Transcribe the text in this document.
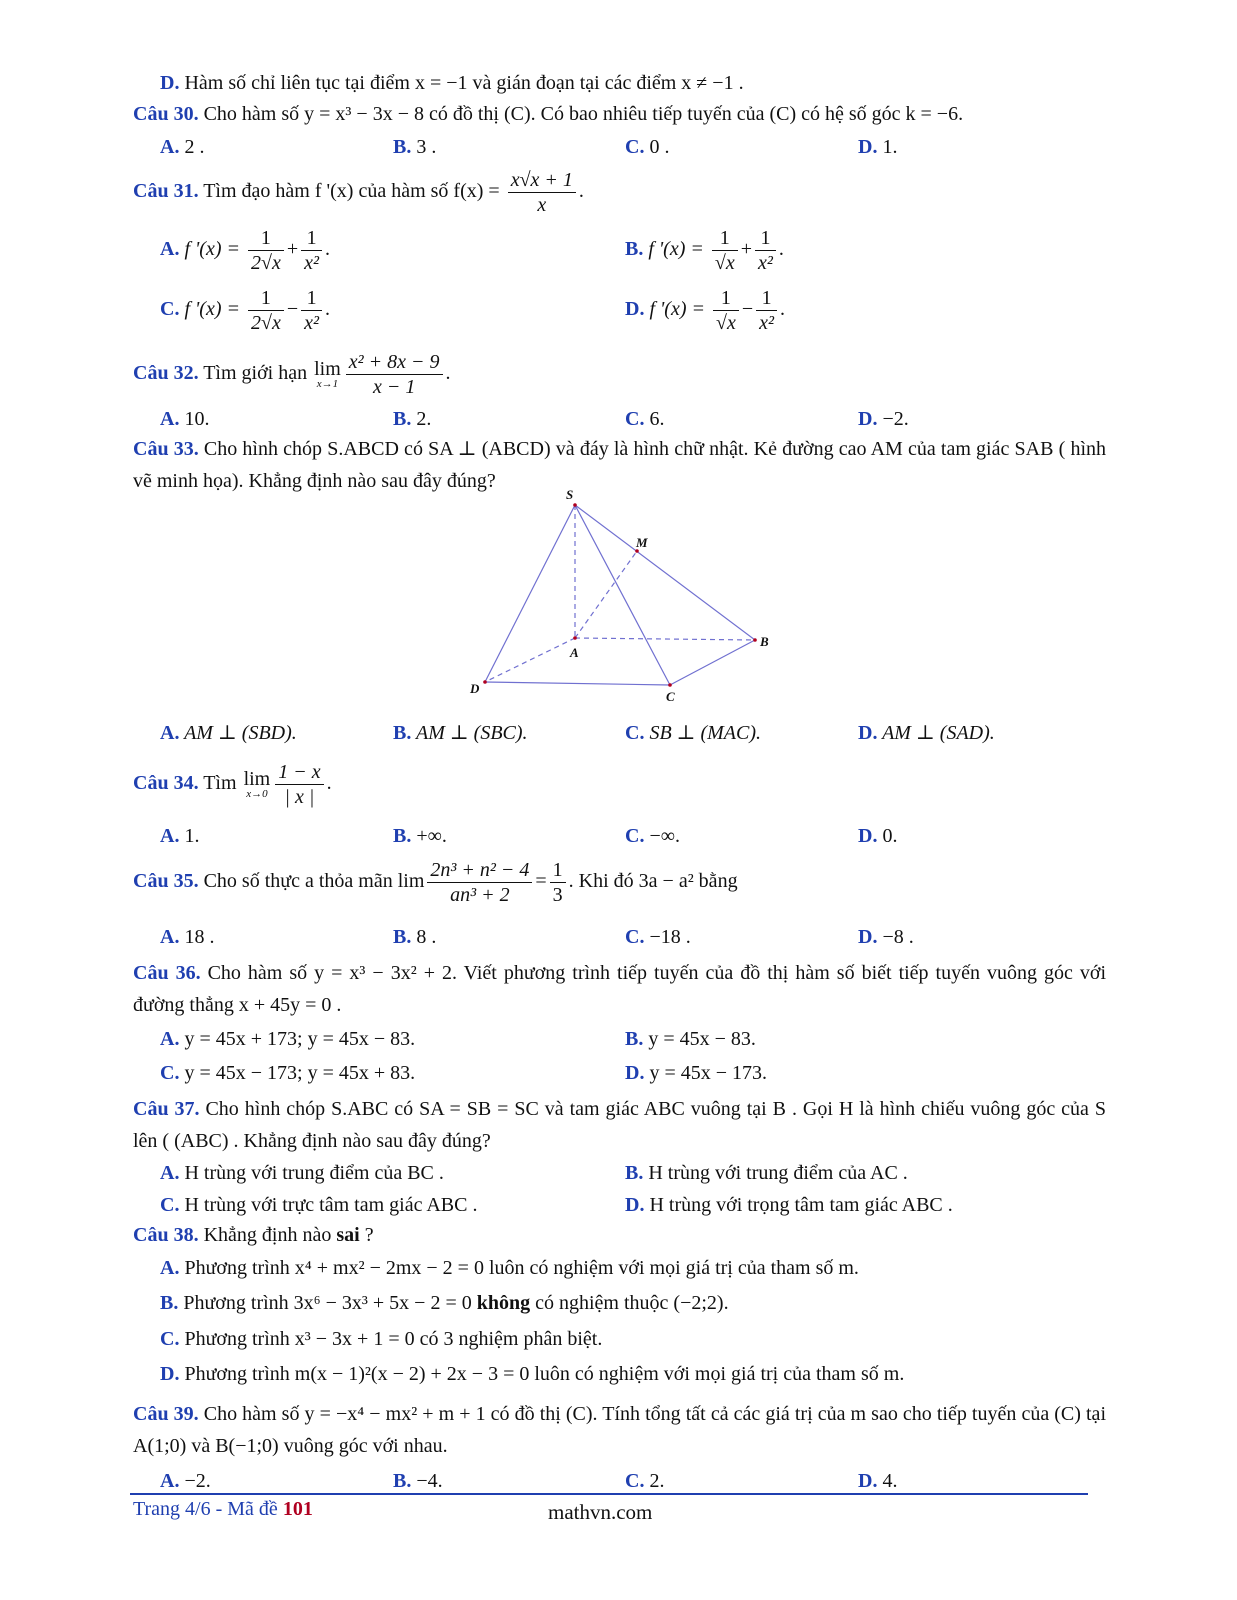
D. Hàm số chỉ liên tục tại điểm x = −1 và gián đoạn tại các điểm x ≠ −1 .
Câu 30. Cho hàm số y = x³ − 3x − 8 có đồ thị (C). Có bao nhiêu tiếp tuyến của (C) có hệ số góc k = −6.
A. 2 .	B. 3 .	C. 0 .	D. 1.
Câu 31. Tìm đạo hàm f '(x) của hàm số $f(x) = \frac{x√x + 1}{x}$ .
A. f '$(x) = \frac{1}{2√x} + \frac{1}{\text{x²}}$ .	B. f '$(x) = \frac{1}{√x} + \frac{1}{\text{x²}}$ .
C. f '$(x) = \frac{1}{2√x} - \frac{1}{\text{x²}}$ .	D. f '$(x) = \frac{1}{√x} - \frac{1}{\text{x²}}$ .
Câu 32. Tìm giới hạn lim
$x\to 1 \frac{\text{x² + 8x − 9}}{x - 1}$ .
A. 10.	B. 2.	C. 6.	D. −2.
Câu 33. Cho hình chóp S.ABCD có SA ⊥ (ABCD) và đáy là hình chữ nhật. Kẻ đường cao AM của tam giác SAB ( hình vẽ minh họa). Khẳng định nào sau đây đúng?
S
M
A
B
C
D
A. AM ⊥ (SBD).	B. AM ⊥ (SBC).	C. SB ⊥ (MAC).	D. AM ⊥ (SAD).
Câu 34. Tìm lim
$x\to 0 \frac{1 - x}{| x |}$ .
A. 1.	B. +∞.	C. −∞.	D. 0.
Câu 35. Cho số thực a thỏa mãn $\lim \frac{\text{2n³ + n² − 4}}{\text{an³ + 2}} = \frac{1}{3}$ . Khi đó 3a − a² bằng
A. 18 .	B. 8 .	C. −18 .	D. −8 .
Câu 36. Cho hàm số y = x³ − 3x² + 2. Viết phương trình tiếp tuyến của đồ thị hàm số biết tiếp tuyến vuông góc với đường thẳng x + 45y = 0 .
A. y = 45x + 173; y = 45x − 83.	B. y = 45x − 83.
C. y = 45x − 173; y = 45x + 83.	D. y = 45x − 173.
Câu 37. Cho hình chóp S.ABC có SA = SB = SC và tam giác ABC vuông tại B . Gọi H là hình chiếu vuông góc của S lên ( (ABC) . Khẳng định nào sau đây đúng?
A. H trùng với trung điểm của BC .	B. H trùng với trung điểm của AC .
C. H trùng với trực tâm tam giác ABC .	D. H trùng với trọng tâm tam giác ABC .
Câu 38. Khẳng định nào sai ?
A. Phương trình x⁴ + mx² − 2mx − 2 = 0 luôn có nghiệm với mọi giá trị của tham số m.
B. Phương trình 3x⁶ − 3x³ + 5x − 2 = 0 không có nghiệm thuộc (−2;2).
C. Phương trình x³ − 3x + 1 = 0 có 3 nghiệm phân biệt.
D. Phương trình m(x − 1)²(x − 2) + 2x − 3 = 0 luôn có nghiệm với mọi giá trị của tham số m.
Câu 39. Cho hàm số y = −x⁴ − mx² + m + 1 có đồ thị (C). Tính tổng tất cả các giá trị của m sao cho tiếp tuyến của (C) tại A(1;0) và B(−1;0) vuông góc với nhau.
A. −2.	B. −4.	C. 2.	D. 4.
Trang 4/6 - Mã đề 101	mathvn.com
